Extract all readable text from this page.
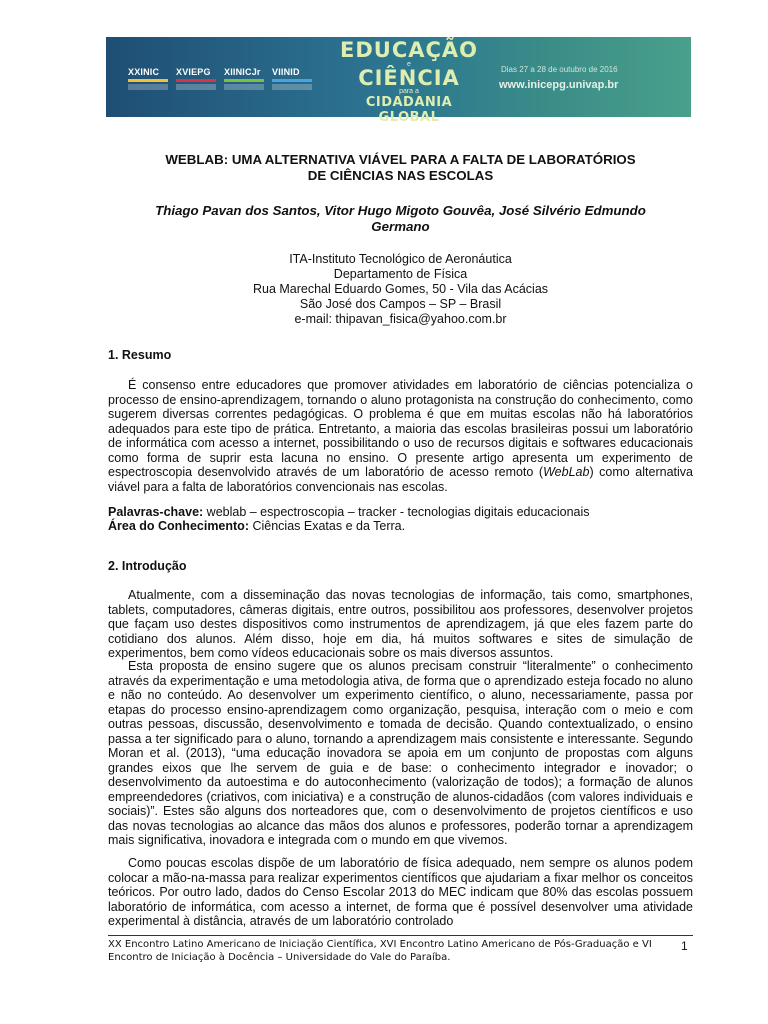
XXINIC XVIEPG XIINICJr VIINID
EDUCAÇÃO
e
CIÊNCIA
para a
CIDADANIA GLOBAL
Dias 27 a 28 de outubro de 2016
www.inicepg.univap.br
WEBLAB: UMA ALTERNATIVA VIÁVEL PARA A FALTA DE LABORATÓRIOS
DE CIÊNCIAS NAS ESCOLAS
Thiago Pavan dos Santos, Vitor Hugo Migoto Gouvêa, José Silvério Edmundo
Germano
ITA-Instituto Tecnológico de Aeronáutica
Departamento de Física
Rua Marechal Eduardo Gomes, 50 - Vila das Acácias
São José dos Campos – SP – Brasil
e-mail: thipavan_fisica@yahoo.com.br
1. Resumo

É consenso entre educadores que promover atividades em laboratório de ciências potencializa o processo de ensino-aprendizagem, tornando o aluno protagonista na construção do conhecimento, como sugerem diversas correntes pedagógicas. O problema é que em muitas escolas não há laboratórios adequados para este tipo de prática. Entretanto, a maioria das escolas brasileiras possui um laboratório de informática com acesso a internet, possibilitando o uso de recursos digitais e softwares educacionais como forma de suprir esta lacuna no ensino. O presente artigo apresenta um experimento de espectroscopia desenvolvido através de um laboratório de acesso remoto (WebLab) como alternativa viável para a falta de laboratórios convencionais nas escolas.

Palavras-chave: weblab – espectroscopia – tracker - tecnologias digitais educacionais
Área do Conhecimento: Ciências Exatas e da Terra.
2. Introdução

Atualmente, com a disseminação das novas tecnologias de informação, tais como, smartphones, tablets, computadores, câmeras digitais, entre outros, possibilitou aos professores, desenvolver projetos que façam uso destes dispositivos como instrumentos de aprendizagem, já que eles fazem parte do cotidiano dos alunos. Além disso, hoje em dia, há muitos softwares e sites de simulação de experimentos, bem como vídeos educacionais sobre os mais diversos assuntos.

Esta proposta de ensino sugere que os alunos precisam construir “literalmente” o conhecimento através da experimentação e uma metodologia ativa, de forma que o aprendizado esteja focado no aluno e não no conteúdo. Ao desenvolver um experimento científico, o aluno, necessariamente, passa por etapas do processo ensino-aprendizagem como organização, pesquisa, interação com o meio e com outras pessoas, discussão, desenvolvimento e tomada de decisão. Quando contextualizado, o ensino passa a ter significado para o aluno, tornando a aprendizagem mais consistente e interessante. Segundo Moran et al. (2013), “uma educação inovadora se apoia em um conjunto de propostas com alguns grandes eixos que lhe servem de guia e de base: o conhecimento integrador e inovador; o desenvolvimento da autoestima e do autoconhecimento (valorização de todos); a formação de alunos empreendedores (criativos, com iniciativa) e a construção de alunos-cidadãos (com valores individuais e sociais)”. Estes são alguns dos norteadores que, com o desenvolvimento de projetos científicos e uso das novas tecnologias ao alcance das mãos dos alunos e professores, poderão tornar a aprendizagem mais significativa, inovadora e integrada com o mundo em que vivemos.

Como poucas escolas dispõe de um laboratório de física adequado, nem sempre os alunos podem colocar a mão-na-massa para realizar experimentos científicos que ajudariam a fixar melhor os conceitos teóricos. Por outro lado, dados do Censo Escolar 2013 do MEC indicam que 80% das escolas possuem laboratório de informática, com acesso a internet, de forma que é possível desenvolver uma atividade experimental à distância, através de um laboratório controlado

XX Encontro Latino Americano de Iniciação Científica, XVI Encontro Latino Americano de Pós-Graduação e VI Encontro de Iniciação à Docência – Universidade do Vale do Paraíba.
1
